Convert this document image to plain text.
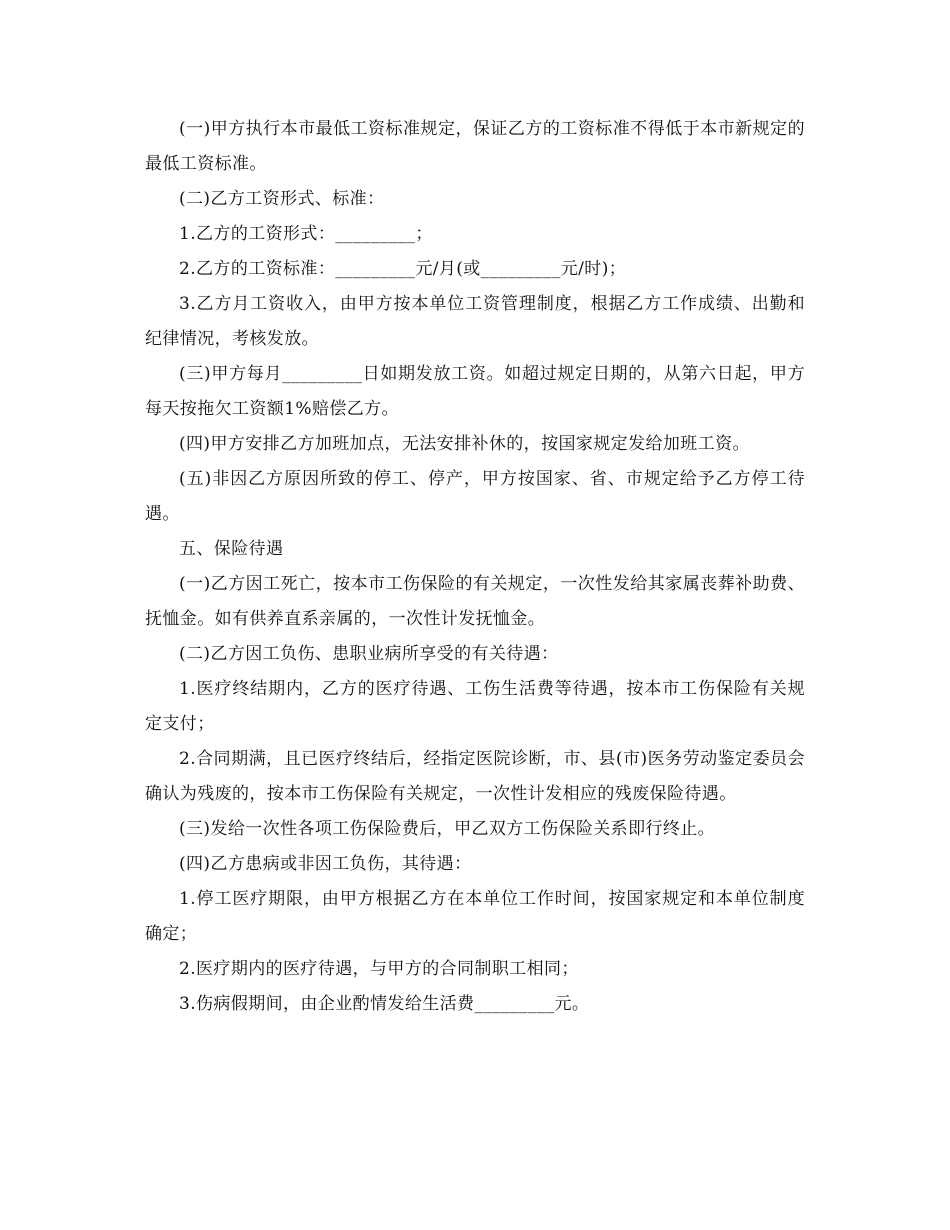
(一)甲方执行本市最低工资标准规定，保证乙方的工资标准不得低于本市新规定的最低工资标准。

(二)乙方工资形式、标准：

1.乙方的工资形式：_________；

2.乙方的工资标准：_________元/月(或_________元/时)；

3.乙方月工资收入，由甲方按本单位工资管理制度，根据乙方工作成绩、出勤和纪律情况，考核发放。

(三)甲方每月_________日如期发放工资。如超过规定日期的，从第六日起，甲方每天按拖欠工资额1%赔偿乙方。

(四)甲方安排乙方加班加点，无法安排补休的，按国家规定发给加班工资。

(五)非因乙方原因所致的停工、停产，甲方按国家、省、市规定给予乙方停工待遇。

五、保险待遇

(一)乙方因工死亡，按本市工伤保险的有关规定，一次性发给其家属丧葬补助费、抚恤金。如有供养直系亲属的，一次性计发抚恤金。

(二)乙方因工负伤、患职业病所享受的有关待遇：

1.医疗终结期内，乙方的医疗待遇、工伤生活费等待遇，按本市工伤保险有关规定支付；

2.合同期满，且已医疗终结后，经指定医院诊断，市、县(市)医务劳动鉴定委员会确认为残废的，按本市工伤保险有关规定，一次性计发相应的残废保险待遇。

(三)发给一次性各项工伤保险费后，甲乙双方工伤保险关系即行终止。

(四)乙方患病或非因工负伤，其待遇：

1.停工医疗期限，由甲方根据乙方在本单位工作时间，按国家规定和本单位制度确定；

2.医疗期内的医疗待遇，与甲方的合同制职工相同；

3.伤病假期间，由企业酌情发给生活费_________元。
